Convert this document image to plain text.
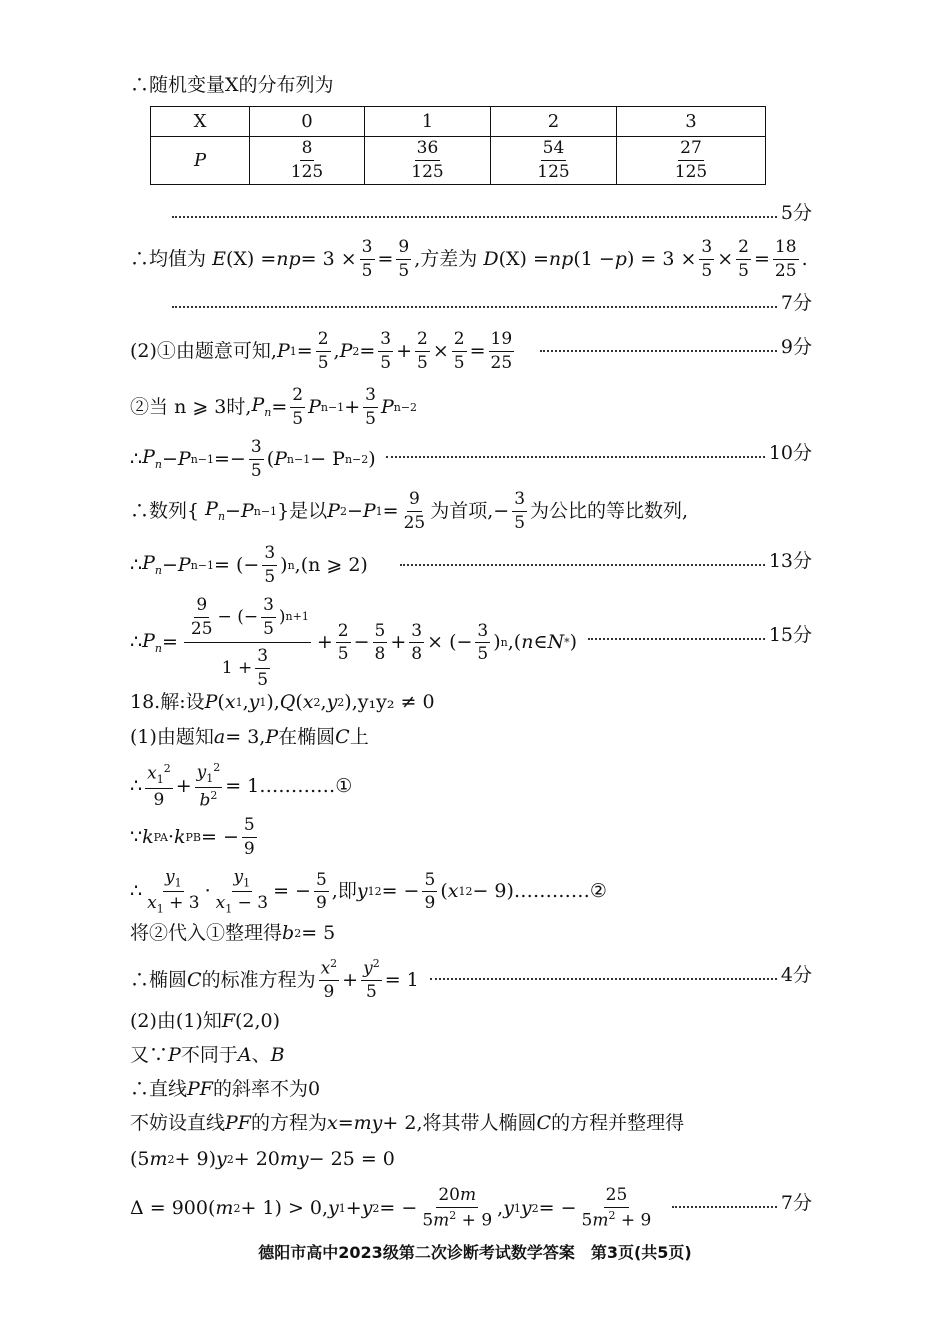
∴随机变量X的分布列为
X	0	1	2	3
P	$\frac{8}{125}$	$\frac{36}{125}$	$\frac{54}{125}$	$\frac{27}{125}$
5分
∴均值为
E (X) = np = $3 \times \frac{3}{5} = \frac{9}{5}$ , 方差为
D (X) = np (1 − p ) = $3 \times \frac{3}{5} \times \frac{2}{5} = \frac{18}{25}$ .
7分
(2)①由题意可知, P $1 = \frac{2}{5}$ , P $2 = \frac{3}{5} + \frac{2}{5} \times \frac{2}{5} = \frac{19}{25}$	9分
②当
n ⩾ 3时, $P_n = \frac{2}{5}$ P $n-1 + \frac{3}{5}$ P n−2
∴ $P_n - P$ $n-1 =- \frac{3}{5}$ ( P n−1 − P n−2 )	10分
∴数列{
$P_n - P$ n−1 }是以 P 2 − P $1 = \frac{9}{25}$ 为首项, − $\frac{3}{5}$ 为公比的等比数列,
∴ $P_n - P$ n−1 = (− $\frac{3}{5}$ ) n ,(n ⩾ 2)	13分
∴ $P_n = \frac{\frac{9}{25} - (- \frac{3}{5} ) n+1}{1 + \frac{3}{5}} + \frac{2}{5} - \frac{5}{8} + \frac{3}{8}$ × (− $\frac{3}{5}$ ) n ,( n ∈ N * )	15分
18.解:设 P ( x 1 , y 1 ), Q ( x 2 , y 2 ), y₁y₂ ≠ 0
(1)由题知 a = 3, P 在椭圆 C 上
∴ $\frac{x_1^2}{9} + \frac{y_1^2}{b^2}$ = 1………… ①
∵ k PA · k PB = − $\frac{5}{9}$
∴ $\frac{y_1}{x_1 + 3} \cdot \frac{y_1}{x_1 - 3}$ = − $\frac{5}{9}$ , 即 y 1 2 = − $\frac{5}{9}$ ( x 1 2 − 9)………… ②
将②代入①整理得 b 2 = 5
∴椭圆 C 的标准方程为 $\frac{x^2}{9} + \frac{y^2}{5} = 1$	4分
(2)由(1)知 F (2,0)
又∵ P 不同于 A 、 B
∴直线 PF 的斜率不为0
不妨设直线 PF 的方程为 x = my + 2, 将其带人椭圆 C 的方程并整理得
(5 m 2 + 9) y 2 + 20 my − 25 = 0
Δ = 900( m 2 + 1) > 0, y 1 + y 2 = − $\frac{20m}{5m^2 + 9}$ , y 1 y 2 = − $\frac{25}{5m^2 + 9}$	7分
德阳市高中2023级第二次诊断考试数学答案　第3页(共5页)
